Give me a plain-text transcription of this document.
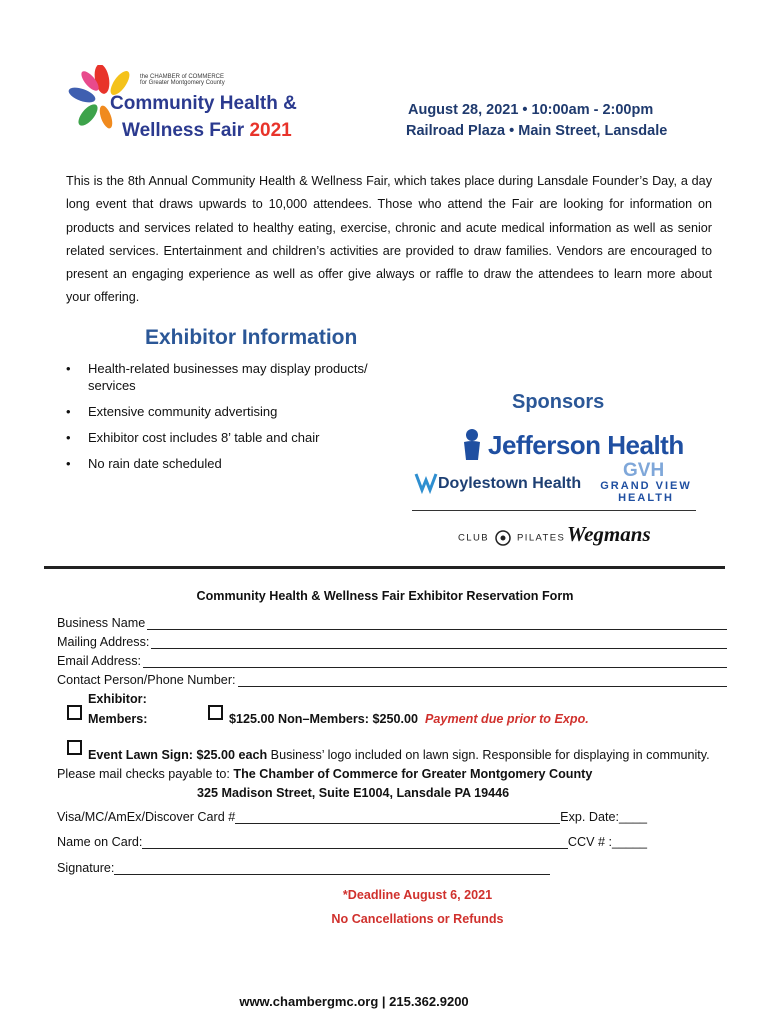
the CHAMBER of COMMERCE
for Greater Montgomery County
Community Health &
Wellness Fair 2021
August 28, 2021 • 10:00am - 2:00pm
Railroad Plaza • Main Street, Lansdale
This is the 8th Annual Community Health & Wellness Fair, which takes place during Lansdale Founder’s Day, a day long event that draws upwards to 10,000 attendees. Those who attend the Fair are looking for information on products and services related to healthy eating, exercise, chronic and acute medical information as well as senior related services. Entertainment and children’s activities are provided to draw families. Vendors are encouraged to present an engaging experience as well as offer give always or raffle to draw the attendees to learn more about your offering.
Exhibitor Information
• Health-related businesses may display products/ services
• Extensive community advertising
• Exhibitor cost includes 8’ table and chair
• No rain date scheduled
Sponsors
Jefferson Health
Doylestown Health
GVH
GRAND VIEW
HEALTH
CLUB	PILATES Wegmans
Community Health & Wellness Fair Exhibitor Reservation Form
Business Name
Mailing Address:
Email Address:
Contact Person/Phone Number:
Exhibitor:
Members:	$125.00 Non–Members: $250.00 Payment due prior to Expo.
Event Lawn Sign: $25.00 each Business’ logo included on lawn sign. Responsible for displaying in community.
Please mail checks payable to: The Chamber of Commerce for Greater Montgomery County
325 Madison Street, Suite E1004, Lansdale PA 19446
Visa/MC/AmEx/Discover Card #	Exp. Date:____
Name on Card:	CCV # :_____
Signature:
*Deadline August 6, 2021
No Cancellations or Refunds
www.chambergmc.org | 215.362.9200
